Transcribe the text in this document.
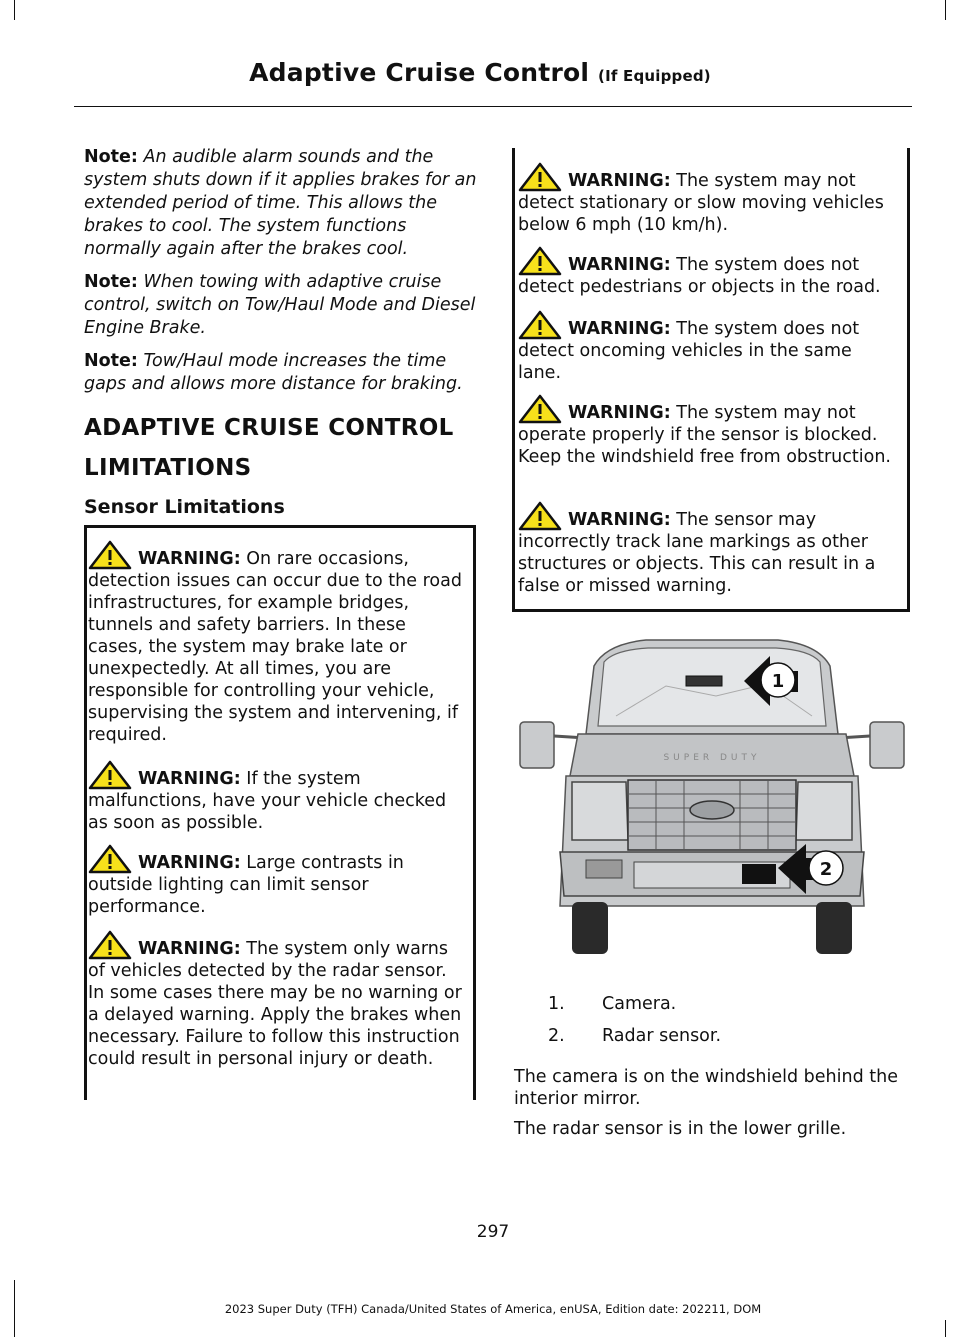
Adaptive Cruise Control (If Equipped)

Note: An audible alarm sounds and the system shuts down if it applies brakes for an extended period of time. This allows the brakes to cool. The system functions normally again after the brakes cool.

Note: When towing with adaptive cruise control, switch on Tow/Haul Mode and Diesel Engine Brake.

Note: Tow/Haul mode increases the time gaps and allows more distance for braking.

ADAPTIVE CRUISE CONTROL
LIMITATIONS
Sensor Limitations
WARNING: On rare occasions, detection issues can occur due to the road infrastructures, for example bridges, tunnels and safety barriers. In these cases, the system may brake late or unexpectedly. At all times, you are responsible for controlling your vehicle, supervising the system and intervening, if required.
WARNING: If the system malfunctions, have your vehicle checked as soon as possible.
WARNING: Large contrasts in outside lighting can limit sensor performance.
WARNING: The system only warns of vehicles detected by the radar sensor. In some cases there may be no warning or a delayed warning. Apply the brakes when necessary. Failure to follow this instruction could result in personal injury or death.
WARNING: The system may not detect stationary or slow moving vehicles below 6 mph (10 km/h).
WARNING: The system does not detect pedestrians or objects in the road.
WARNING: The system does not detect oncoming vehicles in the same lane.
WARNING: The system may not operate properly if the sensor is blocked. Keep the windshield free from obstruction.
WARNING: The sensor may incorrectly track lane markings as other structures or objects. This can result in a false or missed warning.
SUPER DUTY
1
2
1. Camera.
2. Radar sensor.
The camera is on the windshield behind the interior mirror.
The radar sensor is in the lower grille.
297
2023 Super Duty (TFH) Canada/United States of America, enUSA, Edition date: 202211, DOM
